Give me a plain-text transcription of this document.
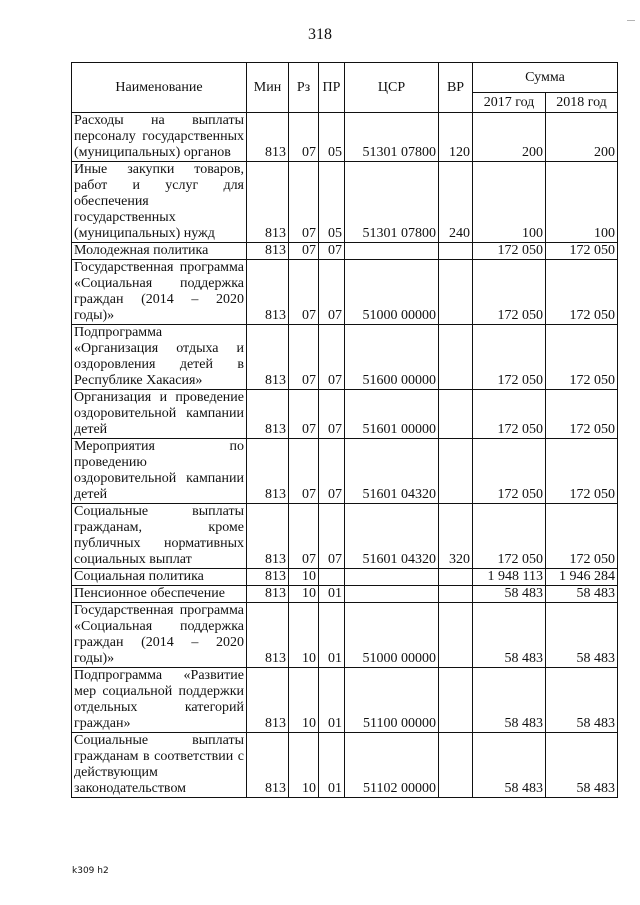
318
|
Наименование	Мин	Рз	ПР	ЦСР	ВР	Сумма	
						2017 год	2018 год
Расходы на выплаты персоналу государственных (муниципальных) органов	813	07	05	51301 07800	120	200	200
Иные закупки товаров, работ и услуг для обеспечения государственных (муниципальных) нужд	813	07	05	51301 07800	240	100	100
Молодежная политика	813	07	07			172 050	172 050
Государственная программа «Социальная поддержка граждан (2014 – 2020 годы)»	813	07	07	51000 00000		172 050	172 050
Подпрограмма «Организация отдыха и оздоровления детей в Республике Хакасия»	813	07	07	51600 00000		172 050	172 050
Организация и проведение оздоровительной кампании детей	813	07	07	51601 00000		172 050	172 050
Мероприятия по проведению оздоровительной кампании детей	813	07	07	51601 04320		172 050	172 050
Социальные выплаты гражданам, кроме публичных нормативных социальных выплат	813	07	07	51601 04320	320	172 050	172 050
Социальная политика	813	10				1 948 113	1 946 284
Пенсионное обеспечение	813	10	01			58 483	58 483
Государственная программа «Социальная поддержка граждан (2014 – 2020 годы)»	813	10	01	51000 00000		58 483	58 483
Подпрограмма «Развитие мер социальной поддержки отдельных категорий граждан»	813	10	01	51100 00000		58 483	58 483
Социальные выплаты гражданам в соответствии с действующим законодательством	813	10	01	51102 00000		58 483	58 483
k309 h2
